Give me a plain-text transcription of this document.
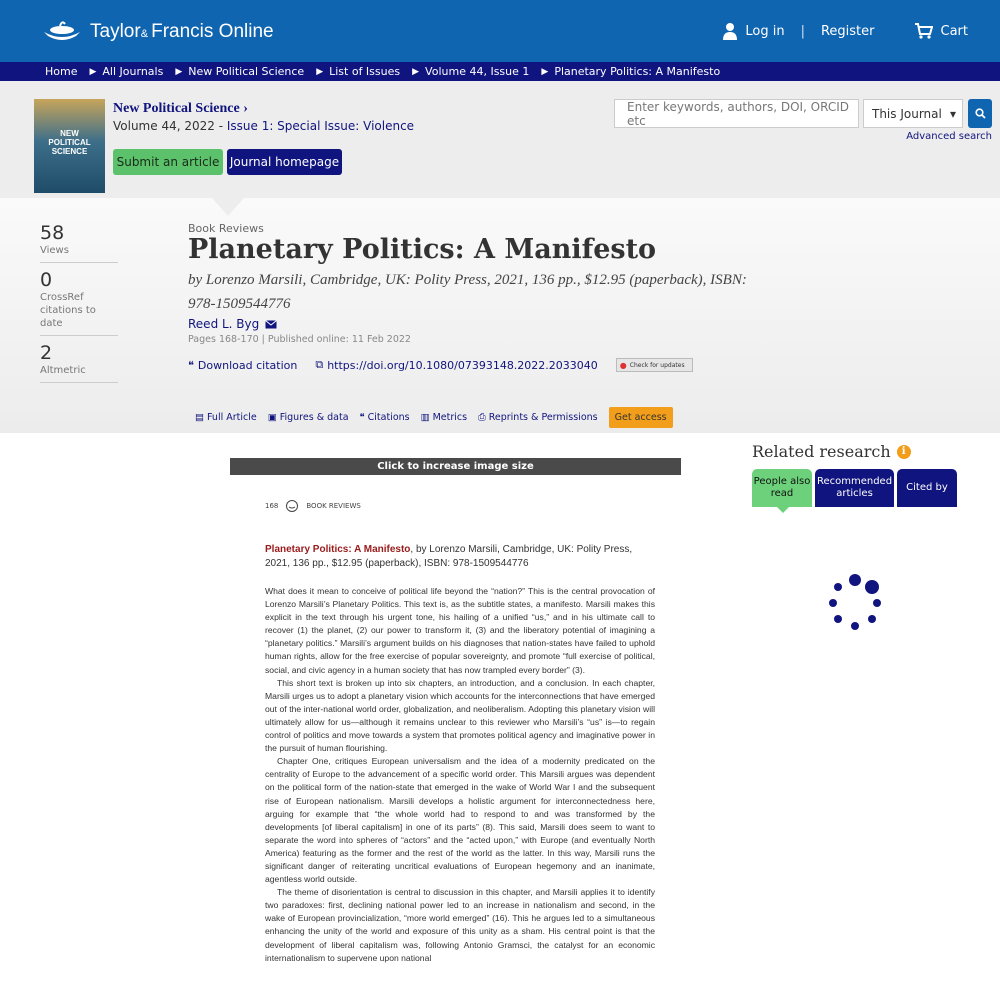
Taylor& Francis Online	Log in | Register	Cart
Home ▶ All Journals ▶ New Political Science ▶ List of Issues ▶ Volume 44, Issue 1 ▶ Planetary Politics: A Manifesto
NEW POLITICAL SCIENCE
New Political Science ›
Volume 44, 2022 - Issue 1: Special Issue: Violence
Submit an article Journal homepage
Enter keywords, authors, DOI, ORCID etc	This Journal ▾
Advanced search
58
Views
0
CrossRef citations to date
2
Altmetric
Book Reviews
Planetary Politics: A Manifesto
by Lorenzo Marsili, Cambridge, UK: Polity Press, 2021, 136 pp., $12.95 (paperback), ISBN: 978-1509544776
Reed L. Byg
Pages 168-170 | Published online: 11 Feb 2022
❝ Download citation ⧉ https://doi.org/10.1080/07393148.2022.2033040	● Check for updates
▤ Full Article ▣ Figures & data ❝ Citations ▥ Metrics ⎙ Reprints & Permissions	Get access
Click to increase image size
168	BOOK REVIEWS
Planetary Politics: A Manifesto, by Lorenzo Marsili, Cambridge, UK: Polity Press, 2021, 136 pp., $12.95 (paperback), ISBN: 978-1509544776

What does it mean to conceive of political life beyond the “nation?” This is the central provocation of Lorenzo Marsili’s Planetary Politics. This text is, as the subtitle states, a manifesto. Marsili makes this explicit in the text through his urgent tone, his hailing of a unified “us,” and in his ultimate call to recover (1) the planet, (2) our power to transform it, (3) and the liberatory potential of imagining a “planetary politics.” Marsili’s argument builds on his diagnoses that nation-states have failed to uphold human rights, allow for the free exercise of popular sovereignty, and promote “full exercise of political, social, and civic agency in a human society that has now trampled every border” (3).

This short text is broken up into six chapters, an introduction, and a conclusion. In each chapter, Marsili urges us to adopt a planetary vision which accounts for the interconnections that have emerged out of the inter-national world order, globalization, and neoliberalism. Adopting this planetary vision will ultimately allow for us—although it remains unclear to this reviewer who Marsili’s “us” is—to regain control of politics and move towards a system that promotes political agency and imaginative power in the pursuit of human flourishing.

Chapter One, critiques European universalism and the idea of a modernity predicated on the centrality of Europe to the advancement of a specific world order. This Marsili argues was dependent on the political form of the nation-state that emerged in the wake of World War I and the subsequent rise of European nationalism. Marsili develops a holistic argument for interconnectedness here, arguing for example that “the whole world had to respond to and was transformed by the developments [of liberal capitalism] in one of its parts” (8). This said, Marsili does seem to want to separate the word into spheres of “actors” and the “acted upon,” with Europe (and eventually North America) featuring as the former and the rest of the world as the latter. In this way, Marsili runs the significant danger of reiterating uncritical evaluations of European hegemony and an inanimate, agentless world outside.

The theme of disorientation is central to discussion in this chapter, and Marsili applies it to identify two paradoxes: first, declining national power led to an increase in nationalism and second, in the wake of European provincialization, “more world emerged” (16). This he argues led to a simultaneous enhancing the unity of the world and exposure of this unity as a sham. His central point is that the development of liberal capitalism was, following Antonio Gramsci, the catalyst for an economic internationalism to supervene upon national

Related research	i
People also read
Recommended articles
Cited by
